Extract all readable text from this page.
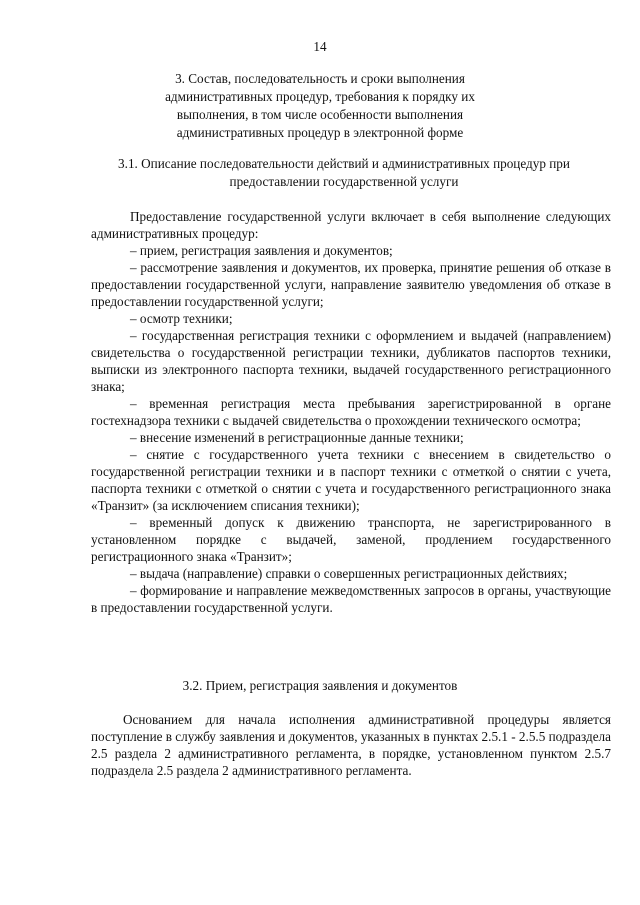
14
3. Состав, последовательность и сроки выполнения
административных процедур, требования к порядку их
выполнения, в том числе особенности выполнения
административных процедур в электронной форме
3.1. Описание последовательности действий и административных процедур при
предоставлении государственной услуги

Предоставление государственной услуги включает в себя выполнение следующих административных процедур:

– прием, регистрация заявления и документов;

– рассмотрение заявления и документов, их проверка, принятие решения об отказе в предоставлении государственной услуги, направление заявителю уведомления об отказе в предоставлении государственной услуги;

– осмотр техники;

– государственная регистрация техники с оформлением и выдачей (направлением) свидетельства о государственной регистрации техники, дубликатов паспортов техники, выписки из электронного паспорта техники, выдачей государственного регистрационного знака;

– временная регистрация места пребывания зарегистрированной в органе гостехнадзора техники с выдачей свидетельства о прохождении технического осмотра;

– внесение изменений в регистрационные данные техники;

– снятие с государственного учета техники с внесением в свидетельство о государственной регистрации техники и в паспорт техники с отметкой о снятии с учета, паспорта техники с отметкой о снятии с учета и государственного регистрационного знака «Транзит» (за исключением списания техники);

– временный допуск к движению транспорта, не зарегистрированного в установленном порядке с выдачей, заменой, продлением государственного регистрационного знака «Транзит»;

– выдача (направление) справки о совершенных регистрационных действиях;

– формирование и направление межведомственных запросов в органы, участвующие в предоставлении государственной услуги.

3.2. Прием, регистрация заявления и документов

Основанием для начала исполнения административной процедуры является поступление в службу заявления и документов, указанных в пунктах 2.5.1 - 2.5.5 подраздела 2.5 раздела 2 административного регламента, в порядке, установленном пунктом 2.5.7 подраздела 2.5 раздела 2 административного регламента.
